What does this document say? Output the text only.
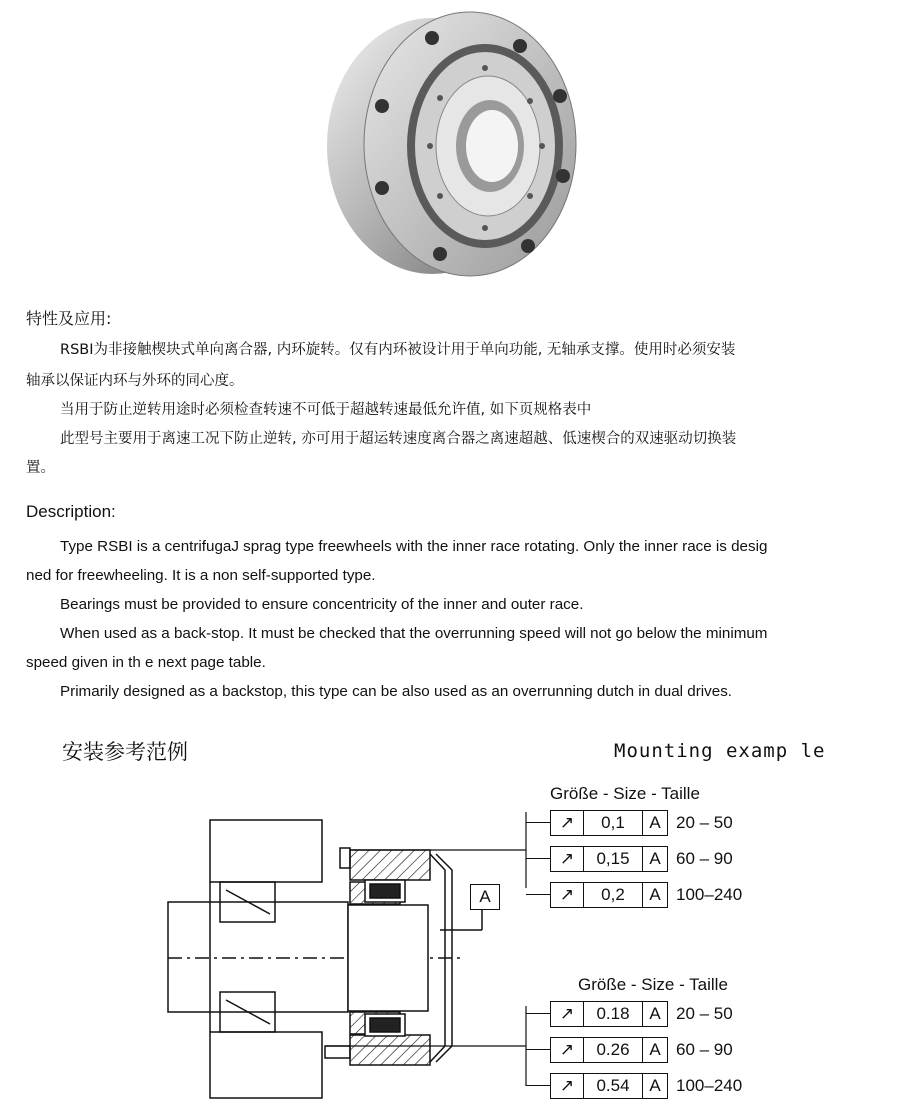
特性及应用:
RSBI为非接触楔块式单向离合器, 内环旋转。仅有内环被设计用于单向功能, 无轴承支撑。使用时必须安装
轴承以保证内环与外环的同心度。
当用于防止逆转用途时必须检查转速不可低于超越转速最低允许值, 如下页规格表中
此型号主要用于离速工况下防止逆转, 亦可用于超运转速度离合器之离速超越、低速楔合的双速驱动切换装
置。
Description:
Type RSBI is a centrifugaJ sprag type freewheels with the inner race rotating. Only the inner race is desig
ned for freewheeling. It is a non self-supported type.
Bearings must be provided to ensure concentricity of the inner and outer race.
When used as a back-stop. It must be checked that the overrunning speed will not go below the minimum
speed given in th e next page table.
Primarily designed as a backstop, this type can be also used as an overrunning dutch in dual drives.
安装参考范例	Mounting examp le
A
Größe - Size - Taille
↗	0,1	A 20 – 50
↗	0,15	A 60 – 90
↗	0,2	A 100–240
Größe - Size - Taille
↗	0.18	A 20 – 50
↗	0.26	A 60 – 90
↗	0.54	A 100–240
